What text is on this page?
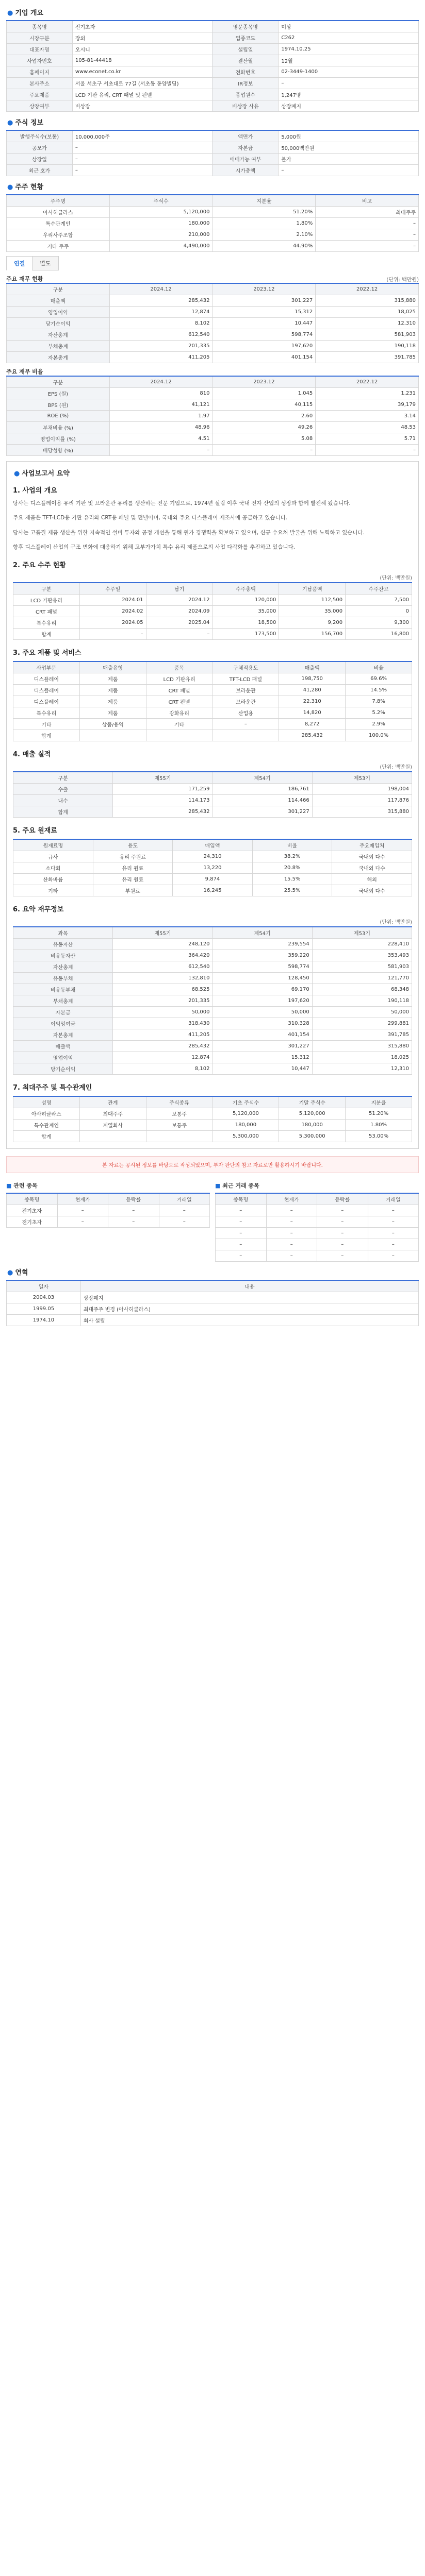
● 기업 개요
종목명	전기초자	영문종목명	미상
시장구분	장외	업종코드	C262
대표자명	오시니	설립일	1974.10.25
사업자번호	105-81-44418	결산월	12월
홈페이지	www.econet.co.kr	전화번호	02-3449-1400
본사주소	서울 서초구 서초대로 77길 (서초동 동양빌딩)	IR정보	–
주요제품	LCD 기판 유리, CRT 패널 및 펀넬	종업원수	1,247명
상장여부	비상장	비상장 사유	상장폐지
● 주식 정보
발행주식수(보통)	10,000,000주	액면가	5,000원
공모가	–	자본금	50,000백만원
상장일	–	매매가능 여부	불가
최근 호가	–	시가총액	–
● 주주 현황
주주명	주식수	지분율	비고
아사히글라스	5,120,000	51.20%	최대주주
특수관계인	180,000	1.80%	–
우리사주조합	210,000	2.10%	–
기타 주주	4,490,000	44.90%	–
연결	별도
주요 재무 현황	(단위: 백만원)
구분	2024.12	2023.12	2022.12
매출액	285,432	301,227	315,880
영업이익	12,874	15,312	18,025
당기순이익	8,102	10,447	12,310
자산총계	612,540	598,774	581,903
부채총계	201,335	197,620	190,118
자본총계	411,205	401,154	391,785
주요 재무 비율
구분	2024.12	2023.12	2022.12
EPS (원)	810	1,045	1,231
BPS (원)	41,121	40,115	39,179
ROE (%)	1.97	2.60	3.14
부채비율 (%)	48.96	49.26	48.53
영업이익률 (%)	4.51	5.08	5.71
배당성향 (%)	–	–	–
● 사업보고서 요약
1. 사업의 개요

당사는 디스플레이용 유리 기판 및 브라운관 유리를 생산하는 전문 기업으로, 1974년 설립 이후 국내 전자 산업의 성장과 함께 발전해 왔습니다.

주요 제품은 TFT-LCD용 기판 유리와 CRT용 패널 및 펀넬이며, 국내외 주요 디스플레이 제조사에 공급하고 있습니다.

당사는 고품질 제품 생산을 위한 지속적인 설비 투자와 공정 개선을 통해 원가 경쟁력을 확보하고 있으며, 신규 수요처 발굴을 위해 노력하고 있습니다.

향후 디스플레이 산업의 구조 변화에 대응하기 위해 고부가가치 특수 유리 제품으로의 사업 다각화를 추진하고 있습니다.

2. 주요 수주 현황
(단위: 백만원)
구분	수주일	납기	수주총액	기납품액	수주잔고
LCD 기판유리	2024.01	2024.12	120,000	112,500	7,500
CRT 패널	2024.02	2024.09	35,000	35,000	0
특수유리	2024.05	2025.04	18,500	9,200	9,300
합계	–	–	173,500	156,700	16,800
3. 주요 제품 및 서비스
사업부문	매출유형	품목	구체적용도	매출액	비율
디스플레이	제품	LCD 기판유리	TFT-LCD 패널	198,750	69.6%
디스플레이	제품	CRT 패널	브라운관	41,280	14.5%
디스플레이	제품	CRT 펀넬	브라운관	22,310	7.8%
특수유리	제품	강화유리	산업용	14,820	5.2%
기타	상품/용역	기타	–	8,272	2.9%
합계				285,432	100.0%
4. 매출 실적
(단위: 백만원)
구분	제55기	제54기	제53기
수출	171,259	186,761	198,004
내수	114,173	114,466	117,876
합계	285,432	301,227	315,880
5. 주요 원재료
원재료명	용도	매입액	비율	주요매입처
규사	유리 주원료	24,310	38.2%	국내외 다수
소다회	유리 원료	13,220	20.8%	국내외 다수
산화바륨	유리 원료	9,874	15.5%	해외
기타	부원료	16,245	25.5%	국내외 다수
6. 요약 재무정보
(단위: 백만원)
과목	제55기	제54기	제53기
유동자산	248,120	239,554	228,410
비유동자산	364,420	359,220	353,493
자산총계	612,540	598,774	581,903
유동부채	132,810	128,450	121,770
비유동부채	68,525	69,170	68,348
부채총계	201,335	197,620	190,118
자본금	50,000	50,000	50,000
이익잉여금	318,430	310,328	299,881
자본총계	411,205	401,154	391,785
매출액	285,432	301,227	315,880
영업이익	12,874	15,312	18,025
당기순이익	8,102	10,447	12,310
7. 최대주주 및 특수관계인
성명	관계	주식종류	기초 주식수	기말 주식수	지분율
아사히글라스	최대주주	보통주	5,120,000	5,120,000	51.20%
특수관계인	계열회사	보통주	180,000	180,000	1.80%
합계			5,300,000	5,300,000	53.00%
본 자료는 공시된 정보를 바탕으로 작성되었으며, 투자 판단의 참고 자료로만 활용하시기 바랍니다.
■ 관련 종목
종목명	현재가	등락률	거래일
전기초자	–	–	–
전기초자	–	–	–
■ 최근 거래 종목
종목명	현재가	등락률	거래일
–	–	–	–
–	–	–	–
–	–	–	–
–	–	–	–
–	–	–	–
● 연혁
일자	내용
2004.03	상장폐지
1999.05	최대주주 변경 (아사히글라스)
1974.10	회사 설립
